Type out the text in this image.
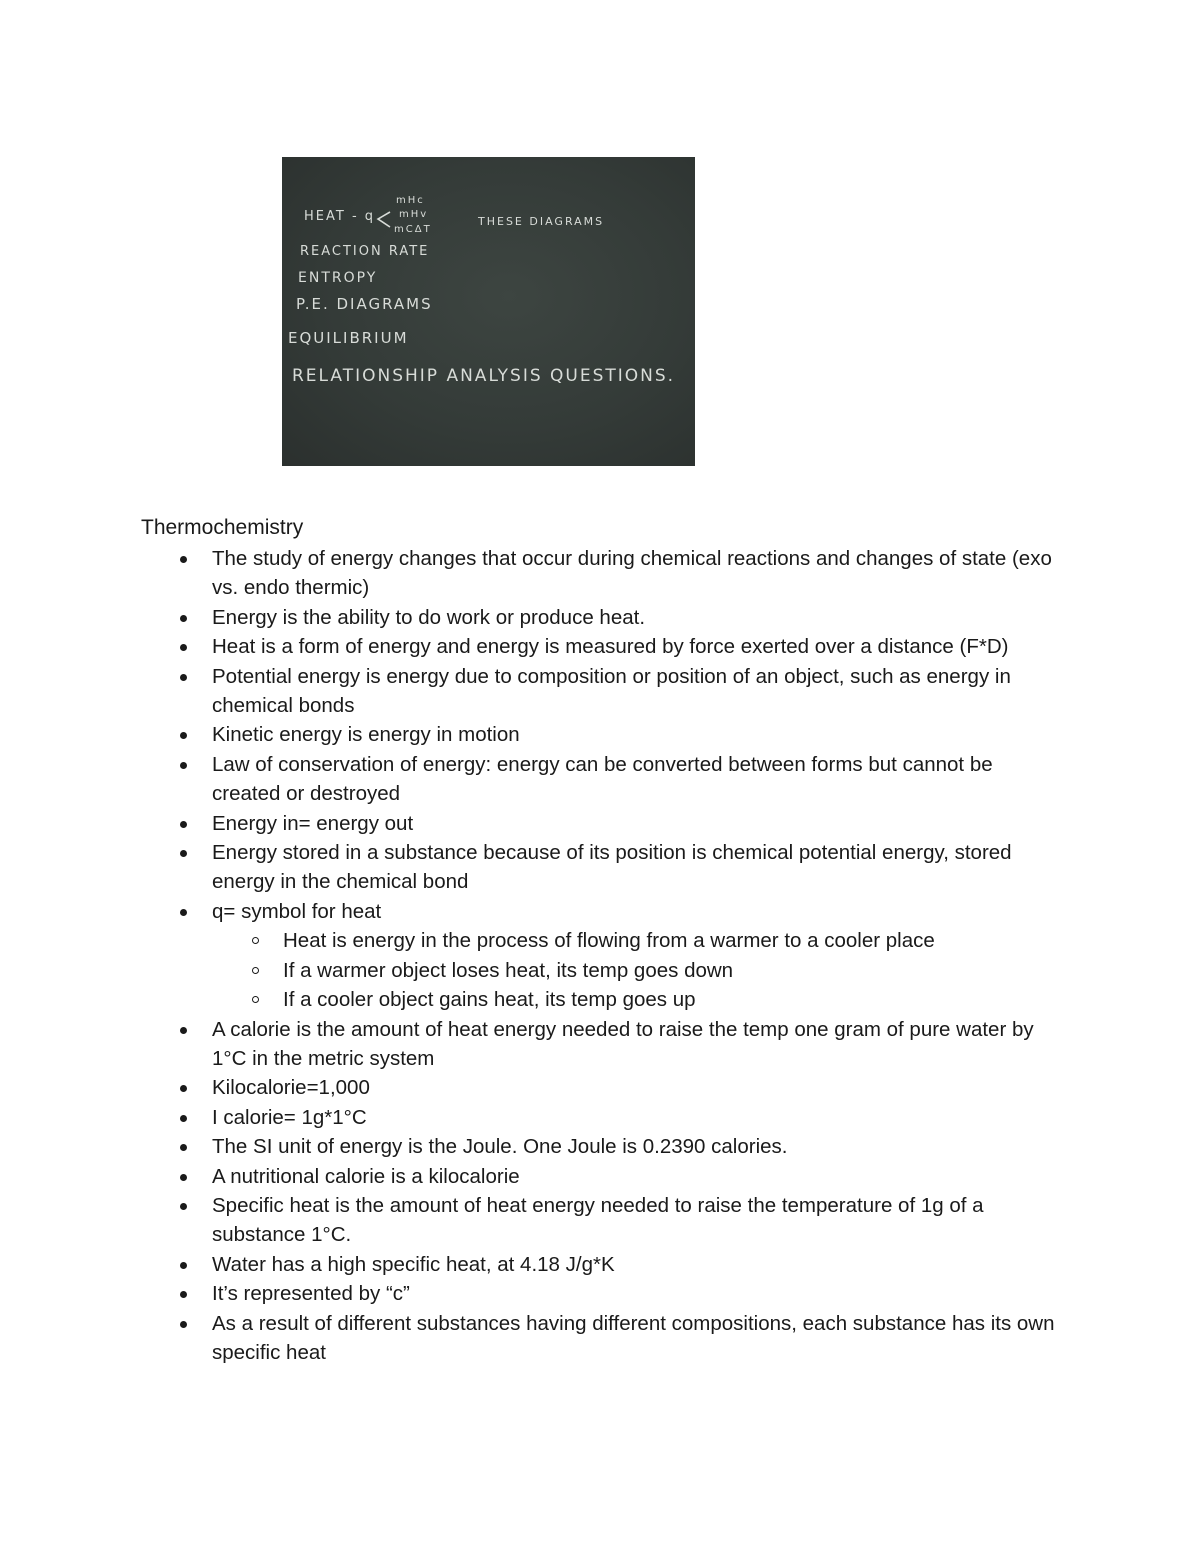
HEAT - q	THESE DIAGRAMS
mHc
mHv
mCΔT
REACTION RATE
ENTROPY
P.E. DIAGRAMS
EQUILIBRIUM
RELATIONSHIP ANALYSIS QUESTIONS.
Thermochemistry
The study of energy changes that occur during chemical reactions and changes of state (exo vs. endo thermic)
Energy is the ability to do work or produce heat.
Heat is a form of energy and energy is measured by force exerted over a distance (F*D)
Potential energy is energy due to composition or position of an object, such as energy in chemical bonds
Kinetic energy is energy in motion
Law of conservation of energy: energy can be converted between forms but cannot be created or destroyed
Energy in= energy out
Energy stored in a substance because of its position is chemical potential energy, stored energy in the chemical bond
q= symbol for heat
Heat is energy in the process of flowing from a warmer to a cooler place
If a warmer object loses heat, its temp goes down
If a cooler object gains heat, its temp goes up
A calorie is the amount of heat energy needed to raise the temp one gram of pure water by 1°C in the metric system
Kilocalorie=1,000
I calorie= 1g*1°C
The SI unit of energy is the Joule. One Joule is 0.2390 calories.
A nutritional calorie is a kilocalorie
Specific heat is the amount of heat energy needed to raise the temperature of 1g of a substance 1°C.
Water has a high specific heat, at 4.18 J/g*K
It’s represented by “c”
As a result of different substances having different compositions, each substance has its own specific heat
